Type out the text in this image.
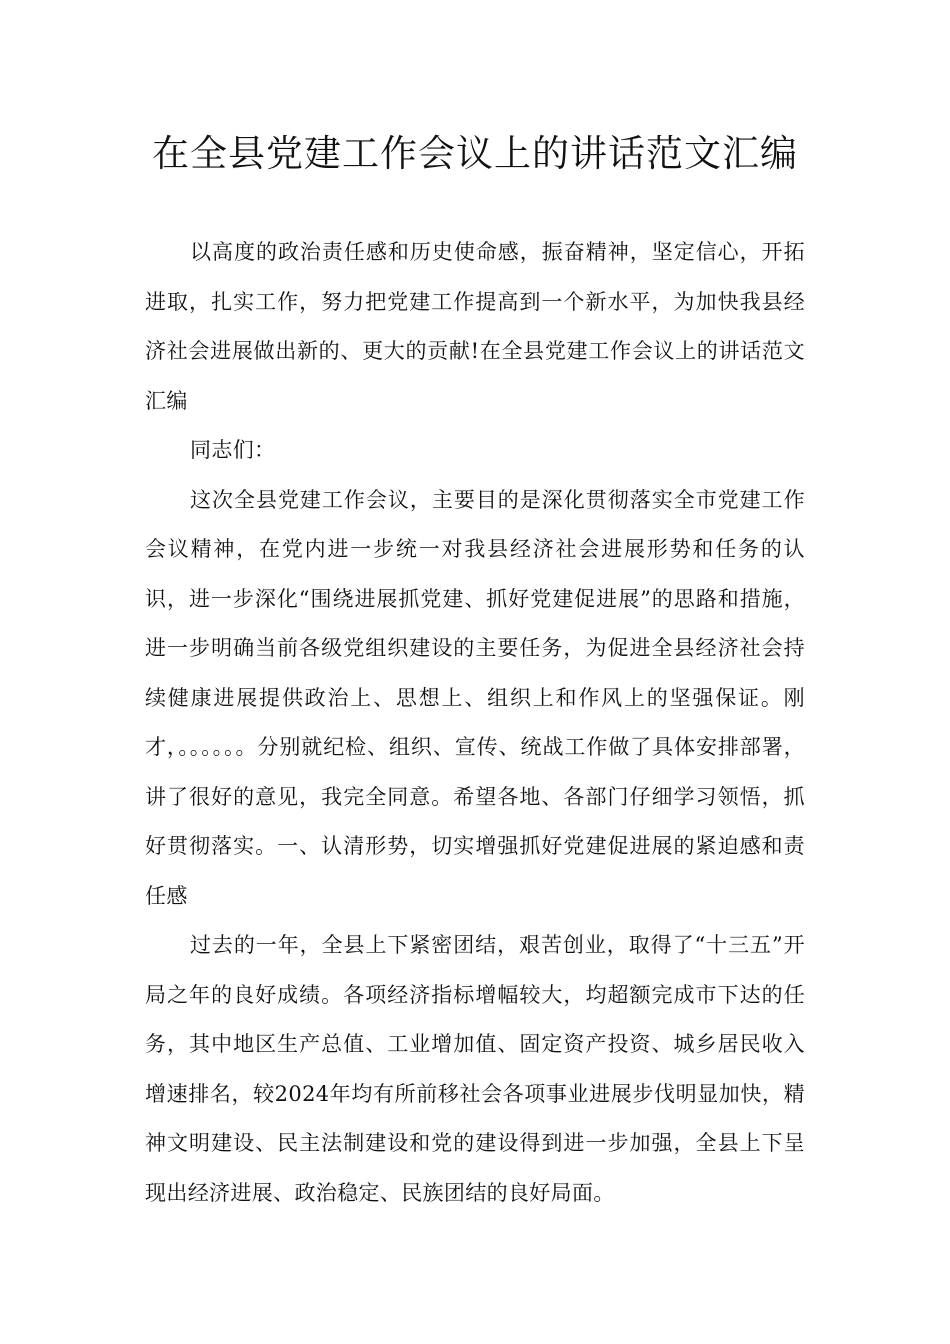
在全县党建工作会议上的讲话范文汇编

以高度的政治责任感和历史使命感，振奋精神，坚定信心，开拓进取，扎实工作，努力把党建工作提高到一个新水平，为加快我县经济社会进展做出新的、更大的贡献!在全县党建工作会议上的讲话范文汇编

同志们：

这次全县党建工作会议，主要目的是深化贯彻落实全市党建工作会议精神，在党内进一步统一对我县经济社会进展形势和任务的认识，进一步深化“围绕进展抓党建、抓好党建促进展”的思路和措施，进一步明确当前各级党组织建设的主要任务，为促进全县经济社会持续健康进展提供政治上、思想上、组织上和作风上的坚强保证。刚才，。。。。。。分别就纪检、组织、宣传、统战工作做了具体安排部署，讲了很好的意见，我完全同意。希望各地、各部门仔细学习领悟，抓好贯彻落实。一、认清形势，切实增强抓好党建促进展的紧迫感和责任感

过去的一年，全县上下紧密团结，艰苦创业，取得了“十三五”开局之年的良好成绩。各项经济指标增幅较大，均超额完成市下达的任务，其中地区生产总值、工业增加值、固定资产投资、城乡居民收入增速排名，较2024年均有所前移社会各项事业进展步伐明显加快，精神文明建设、民主法制建设和党的建设得到进一步加强，全县上下呈现出经济进展、政治稳定、民族团结的良好局面。
